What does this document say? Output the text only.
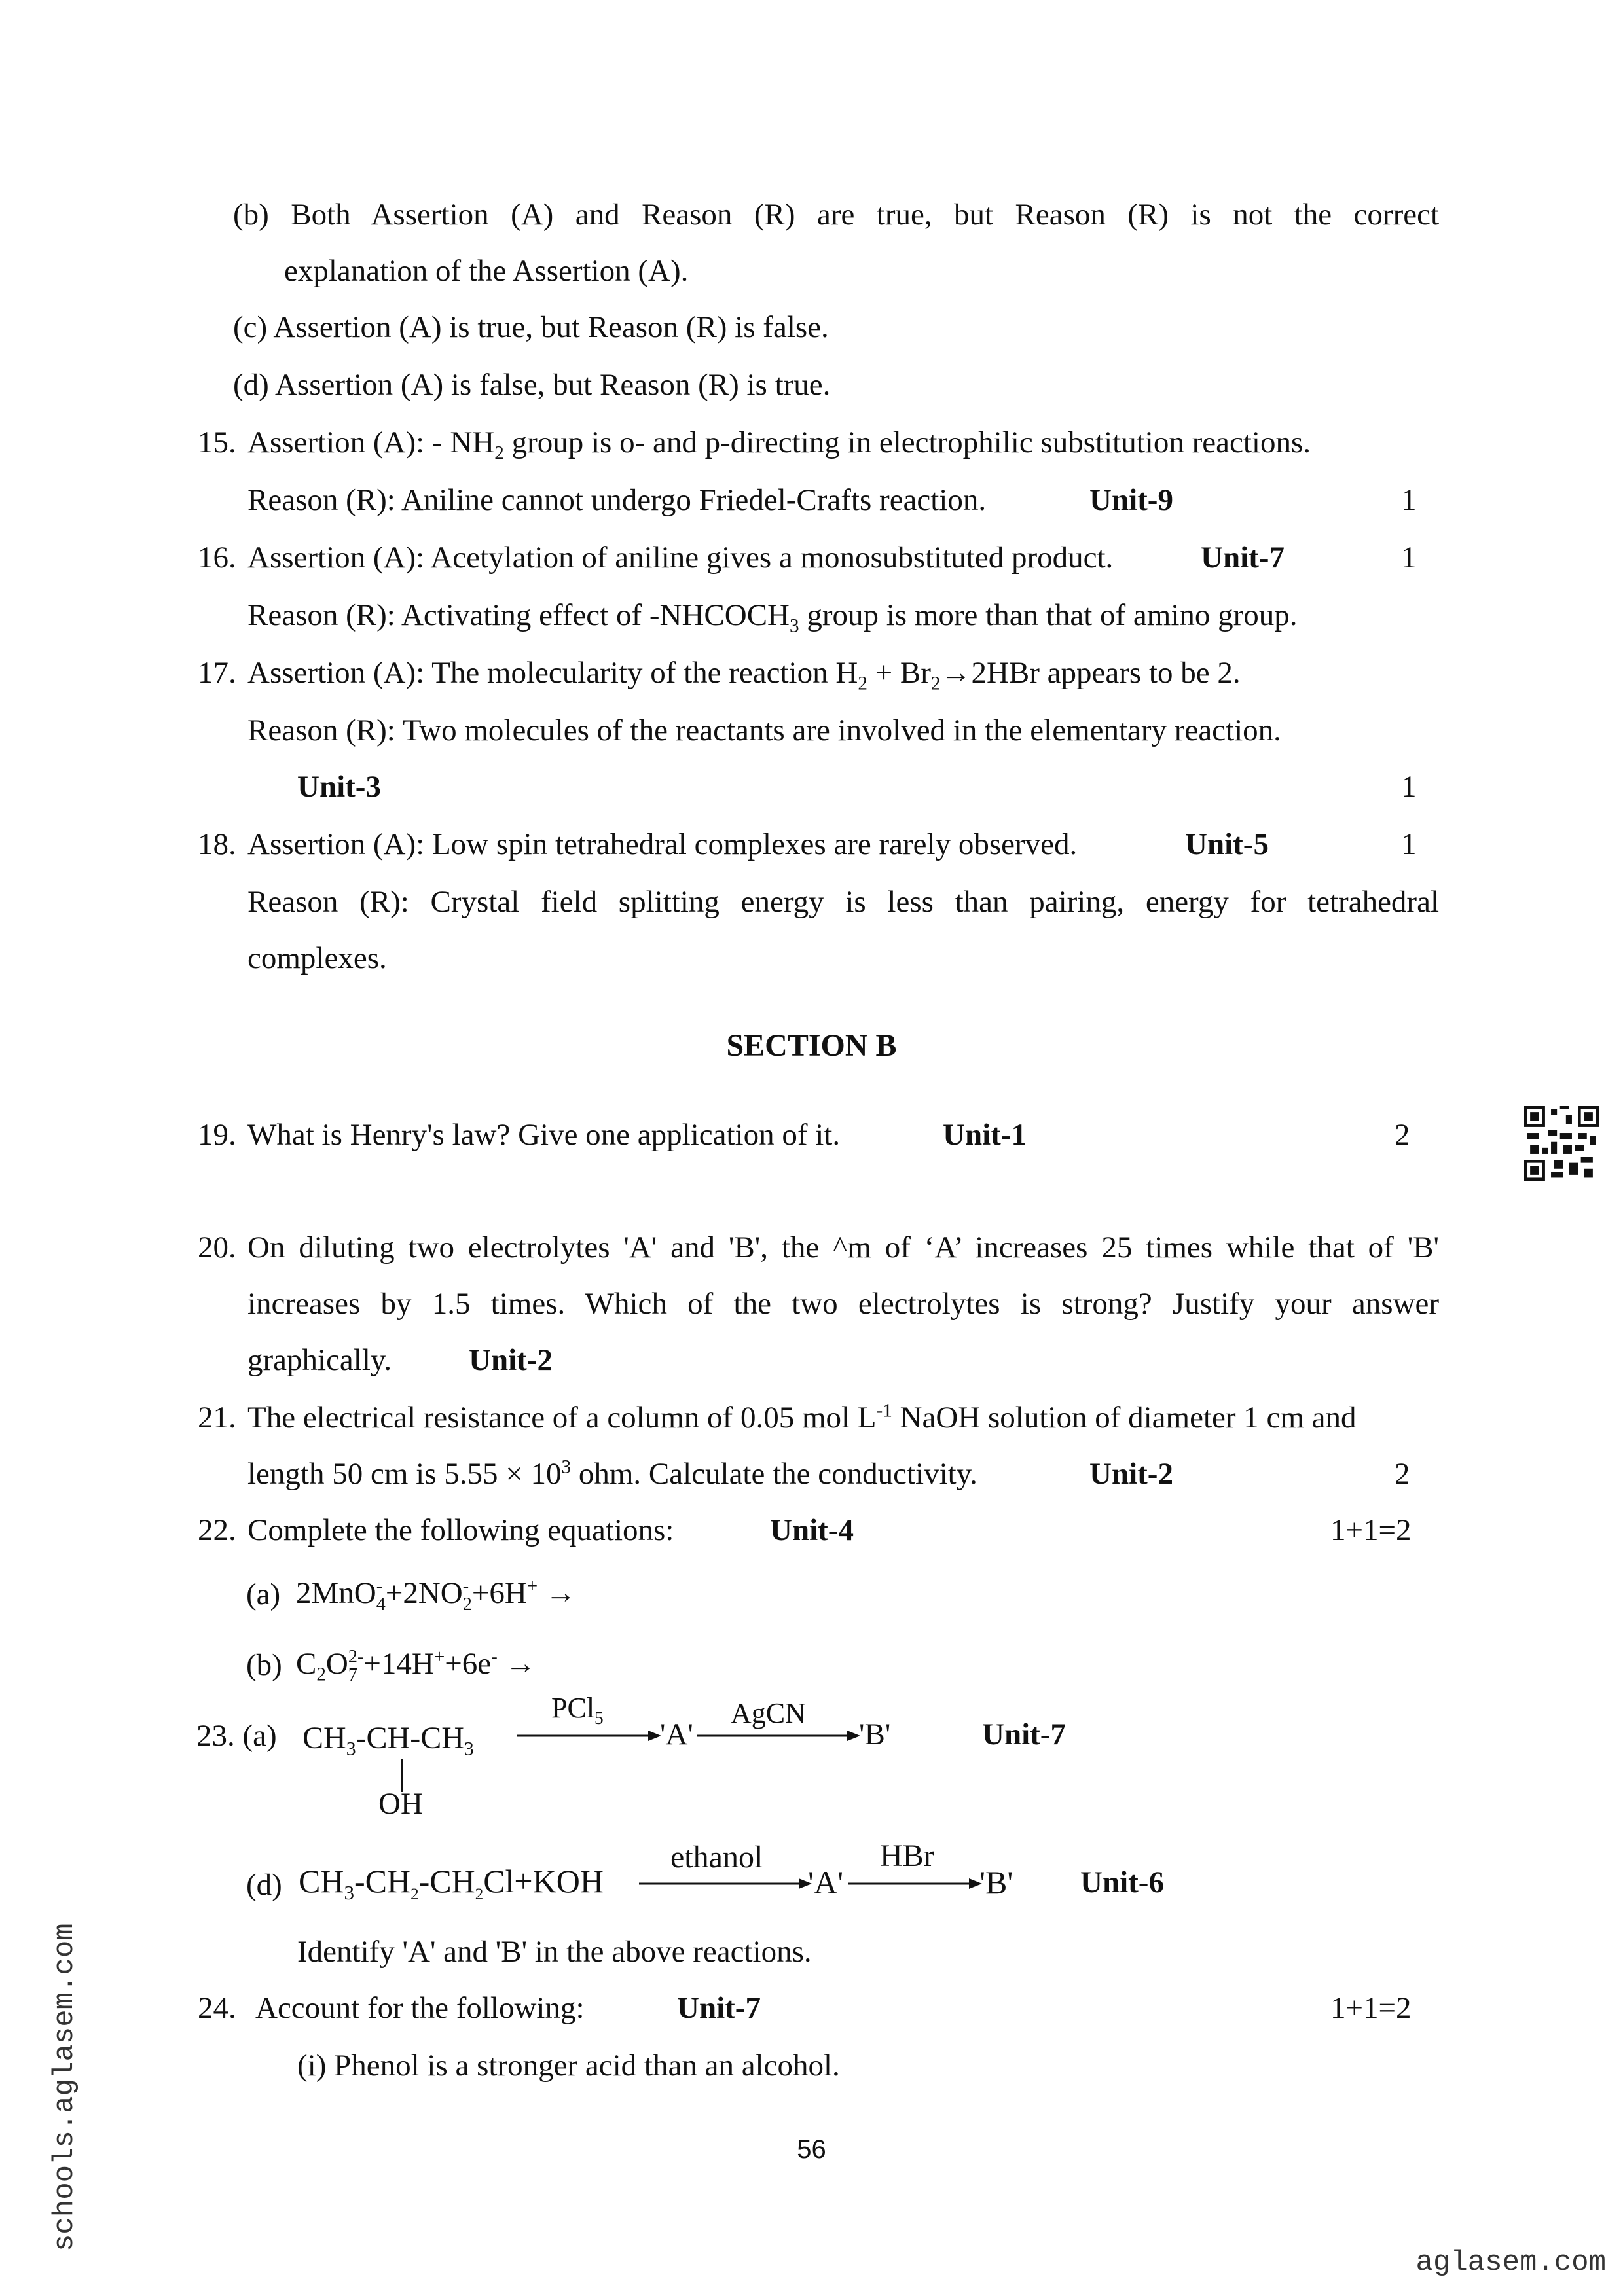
(b) Both Assertion (A) and Reason (R) are true, but Reason (R) is not the correct
explanation of the Assertion (A).
(c) Assertion (A) is true, but Reason (R) is false.
(d) Assertion (A) is false, but Reason (R) is true.
15. Assertion (A): - $NH_2$ group is o- and p-directing in electrophilic substitution reactions.
Reason (R): Aniline cannot undergo Friedel-Crafts reaction.	Unit-9	1
16. Assertion (A): Acetylation of aniline gives a monosubstituted product.	Unit-7	1
Reason (R): Activating effect of $-NHCOCH_3$ group is more than that of amino group.
17. Assertion (A): The molecularity of the reaction $H_2 + Br_2\to 2HBr$ appears to be 2.
Reason (R): Two molecules of the reactants are involved in the elementary reaction.
Unit-3	1
18. Assertion (A): Low spin tetrahedral complexes are rarely observed.	Unit-5	1
Reason (R): Crystal field splitting energy is less than pairing, energy for tetrahedral
complexes.
SECTION B
19. What is Henry's law? Give one application of it.	Unit-1	2
20. On diluting two electrolytes 'A' and 'B', the ^m of ‘A’ increases 25 times while that of 'B'
increases by 1.5 times. Which of the two electrolytes is strong? Justify your answer
graphically.	Unit-2
21. The electrical resistance of a column of 0.05 mol $L^{-1}$ NaOH solution of diameter 1 cm and
length 50 cm is $5.55 \times 10^3$ ohm. Calculate the conductivity.	Unit-2	2
22. Complete the following equations:	Unit-4	1+1=2
(a) 2MnO -
4 +2NO -
2 +6H+ →
(b) $C_2O$ 2-
7 +14H++6e- →
23. (a) $CH_3-CH-CH_3$
OH
PCl$_5$ 'A'
AgCN
'B'	Unit-7
(d) $CH_3-CH_2-CH_2Cl+KOH$
ethanol
'A'
HBr
'B' Unit-6
Identify 'A' and 'B' in the above reactions.
24. Account for the following:	Unit-7	1+1=2
(i) Phenol is a stronger acid than an alcohol.
56
aglasem.com
schools.aglasem.com
